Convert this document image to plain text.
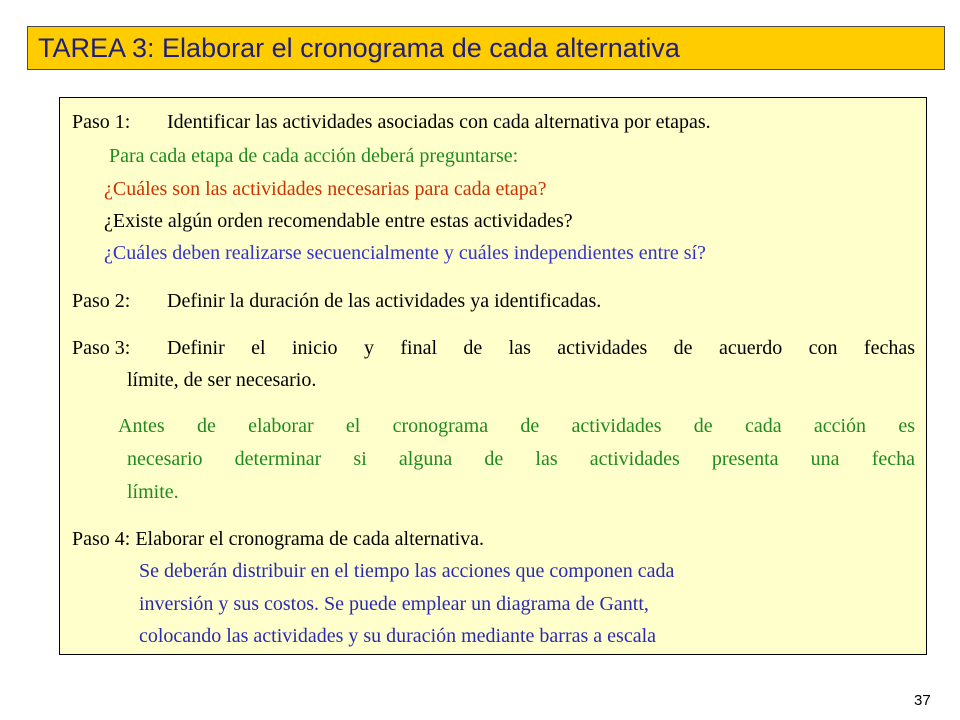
TAREA 3: Elaborar el cronograma de cada alternativa
Paso 1: Identificar las actividades asociadas con cada alternativa por etapas.
Para cada etapa de cada acción deberá preguntarse:
¿Cuáles son las actividades necesarias para cada etapa?
¿Existe algún orden recomendable entre estas actividades?
¿Cuáles deben realizarse secuencialmente y cuáles independientes entre sí?
Paso 2: Definir la duración de las actividades ya identificadas.
Paso 3: Definir el inicio y final de las actividades de acuerdo con fechas
límite, de ser necesario.
Antes de elaborar el cronograma de actividades de cada acción es
necesario determinar si alguna de las actividades presenta una fecha
límite.
Paso 4: Elaborar el cronograma de cada alternativa.
Se deberán distribuir en el tiempo las acciones que componen cada
inversión y sus costos. Se puede emplear un diagrama de Gantt,
colocando las actividades y su duración mediante barras a escala
37
